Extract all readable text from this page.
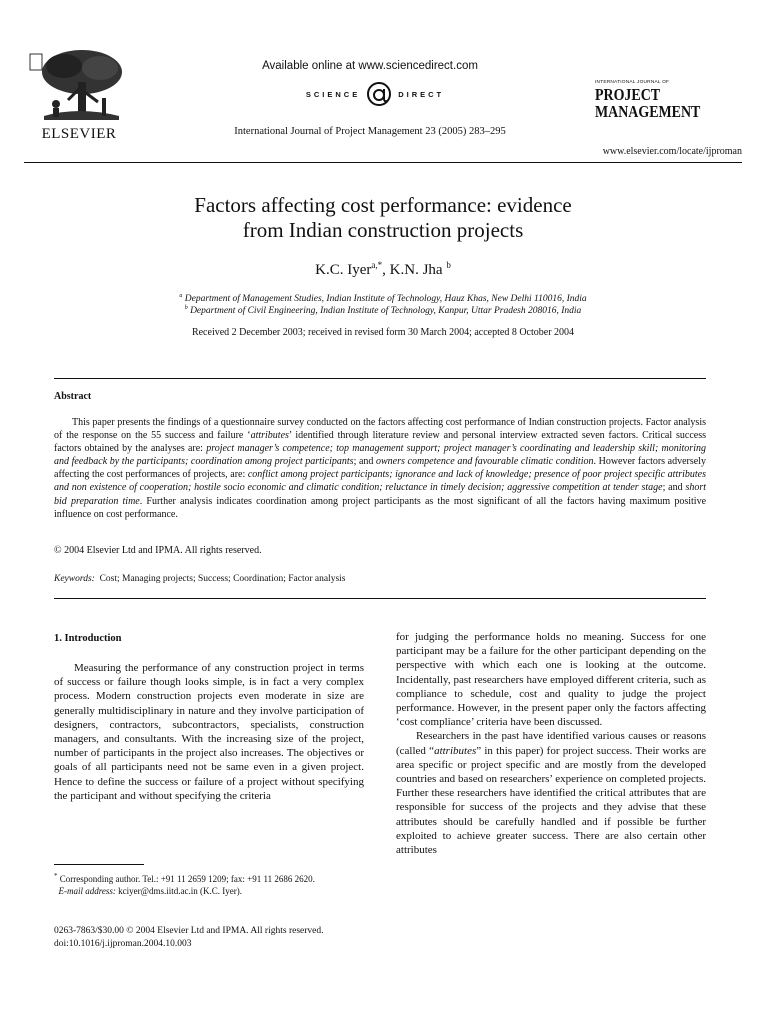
ELSEVIER
Available online at www.sciencedirect.com
SCIENCE	DIRECT
International Journal of Project Management 23 (2005) 283–295
INTERNATIONAL JOURNAL OF
PROJECT
MANAGEMENT
www.elsevier.com/locate/ijproman
Factors affecting cost performance: evidence
from Indian construction projects
K.C. Iyer$^{a,*}$, K.N. Jha $^b$
$^a$ Department of Management Studies, Indian Institute of Technology, Hauz Khas, New Delhi 110016, India
$^b$ Department of Civil Engineering, Indian Institute of Technology, Kanpur, Uttar Pradesh 208016, India
Received 2 December 2003; received in revised form 30 March 2004; accepted 8 October 2004
Abstract
This paper presents the findings of a questionnaire survey conducted on the factors affecting cost performance of Indian construction projects. Factor analysis of the response on the 55 success and failure ‘attributes’ identified through literature review and personal interview extracted seven factors. Critical success factors obtained by the analyses are: project manager’s competence; top management support; project manager’s coordinating and leadership skill; monitoring and feedback by the participants; coordination among project participants; and owners competence and favourable climatic condition. However factors adversely affecting the cost performances of projects, are: conflict among project participants; ignorance and lack of knowledge; presence of poor project specific attributes and non existence of cooperation; hostile socio economic and climatic condition; reluctance in timely decision; aggressive competition at tender stage; and short bid preparation time. Further analysis indicates coordination among project participants as the most significant of all the factors having maximum positive influence on cost performance.
© 2004 Elsevier Ltd and IPMA. All rights reserved.
Keywords: Cost; Managing projects; Success; Coordination; Factor analysis
1. Introduction

Measuring the performance of any construction project in terms of success or failure though looks simple, is in fact a very complex process. Modern construction projects even moderate in size are generally multidisciplinary in nature and they involve participation of designers, contractors, subcontractors, specialists, construction managers, and consultants. With the increasing size of the project, number of participants in the project also increases. The objectives or goals of all participants need not be same even in a given project. Hence to define the success or failure of a project without specifying the participant and without specifying the criteria

for judging the performance holds no meaning. Success for one participant may be a failure for the other participant depending on the perspective with which each one is looking at the outcome. Incidentally, past researchers have employed different criteria, such as compliance to schedule, cost and quality to judge the project performance. However, in the present paper only the factors affecting ‘cost compliance’ criteria have been discussed.

Researchers in the past have identified various causes or reasons (called “attributes” in this paper) for project success. Their works are area specific or project specific and are mostly from the developed countries and based on researchers’ experience on completed projects. Further these researchers have identified the critical attributes that are responsible for success of the projects and they advise that these attributes should be carefully handled and if possible be further exploited to achieve greater success. There are also certain other attributes

* Corresponding author. Tel.: +91 11 2659 1209; fax: +91 11 2686 2620.
E-mail address: kciyer@dms.iitd.ac.in (K.C. Iyer).
0263-7863/$30.00 © 2004 Elsevier Ltd and IPMA. All rights reserved.
doi:10.1016/j.ijproman.2004.10.003
